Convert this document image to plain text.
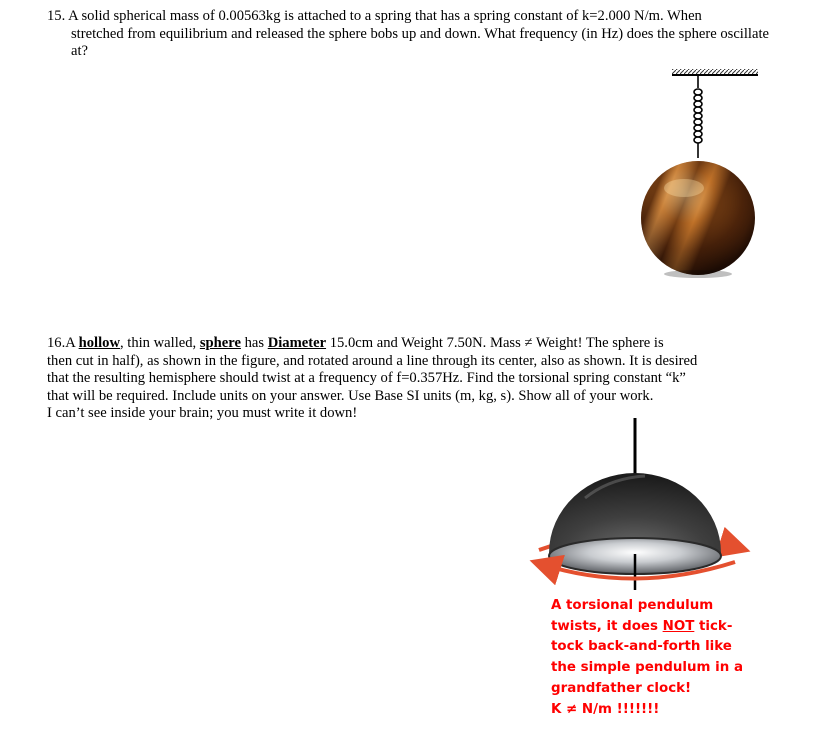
15. A solid spherical mass of 0.00563kg is attached to a spring that has a spring constant of k=2.000 N/m. When
stretched from equilibrium and released the sphere bobs up and down. What frequency (in Hz) does the sphere oscillate at?
16.A hollow, thin walled, sphere has Diameter 15.0cm and Weight 7.50N. Mass ≠ Weight! The sphere is
then cut in half), as shown in the figure, and rotated around a line through its center, also as shown. It is desired
that the resulting hemisphere should twist at a frequency of f=0.357Hz. Find the torsional spring constant “k”
that will be required. Include units on your answer. Use Base SI units (m, kg, s). Show all of your work.
I can’t see inside your brain; you must write it down!
A torsional pendulum
twists, it does NOT tick-
tock back-and-forth like
the simple pendulum in a
grandfather clock!
K ≠ N/m !!!!!!!
